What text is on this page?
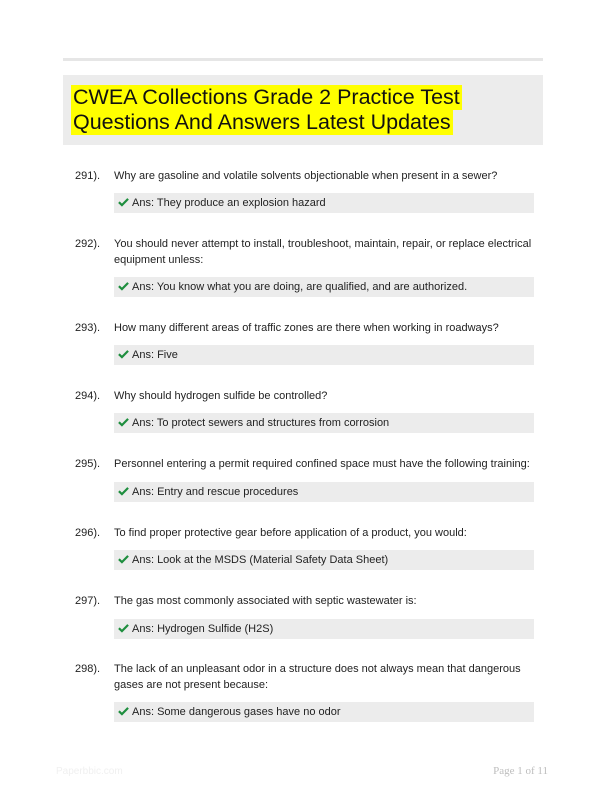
CWEA Collections Grade 2 Practice Test
Questions And Answers Latest Updates
291). Why are gasoline and volatile solvents objectionable when present in a sewer?
Ans: They produce an explosion hazard
292). You should never attempt to install, troubleshoot, maintain, repair, or replace electrical equipment unless:
Ans: You know what you are doing, are qualified, and are authorized.
293). How many different areas of traffic zones are there when working in roadways?
Ans: Five
294). Why should hydrogen sulfide be controlled?
Ans: To protect sewers and structures from corrosion
295). Personnel entering a permit required confined space must have the following training:
Ans: Entry and rescue procedures
296). To find proper protective gear before application of a product, you would:
Ans: Look at the MSDS (Material Safety Data Sheet)
297). The gas most commonly associated with septic wastewater is:
Ans: Hydrogen Sulfide (H2S)
298). The lack of an unpleasant odor in a structure does not always mean that dangerous gases are not present because:
Ans: Some dangerous gases have no odor
Paperbbic.com	Page 1 of 11
